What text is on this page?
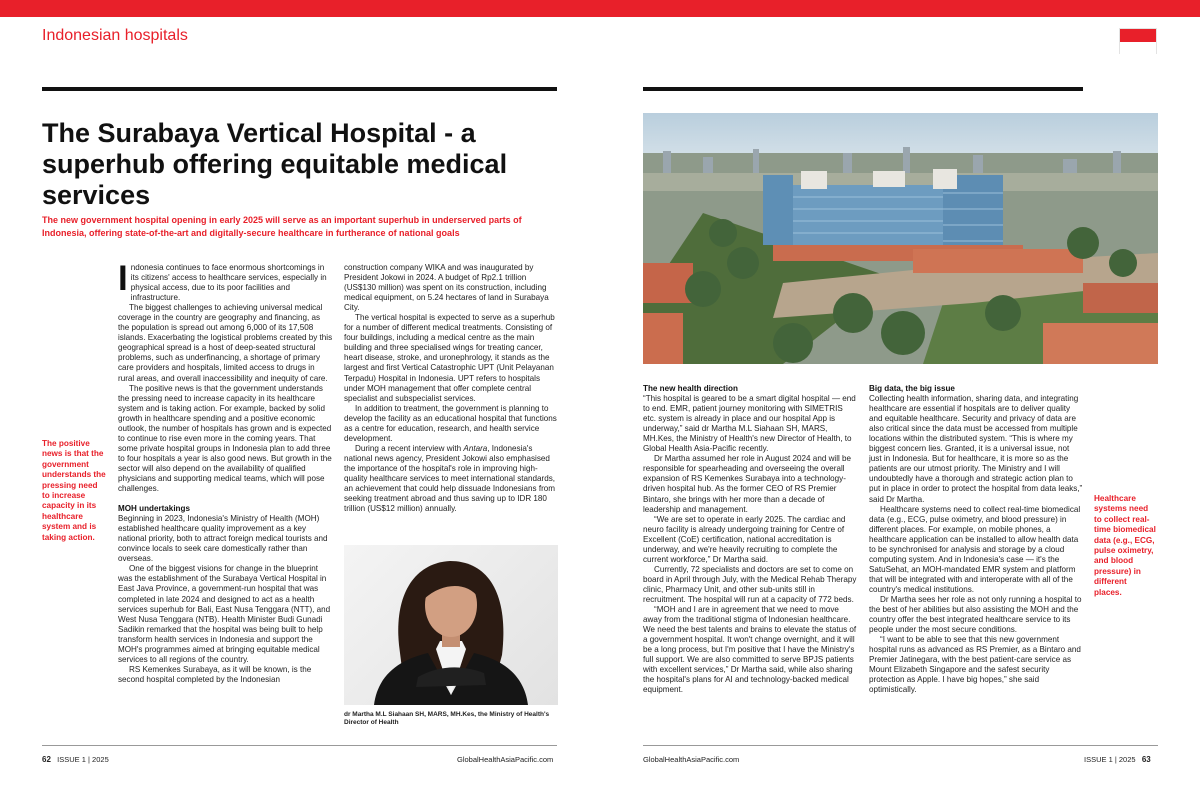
Indonesian hospitals
The Surabaya Vertical Hospital - a superhub offering equitable medical services
The new government hospital opening in early 2025 will serve as an important superhub in underserved parts of Indonesia, offering state-of-the-art and digitally-secure healthcare in furtherance of national goals
The positive news is that the government understands the pressing need to increase capacity in its healthcare system and is taking action.

Indonesia continues to face enormous shortcomings in its citizens' access to healthcare services, especially in physical access, due to its poor facilities and infrastructure.

The biggest challenges to achieving universal medical coverage in the country are geography and financing, as the population is spread out among 6,000 of its 17,508 islands. Exacerbating the logistical problems created by this geographical spread is a host of deep-seated structural problems, such as underfinancing, a shortage of primary care providers and hospitals, limited access to drugs in rural areas, and overall inaccessibility and inequity of care.

The positive news is that the government understands the pressing need to increase capacity in its healthcare system and is taking action. For example, backed by solid growth in healthcare spending and a positive economic outlook, the number of hospitals has grown and is expected to continue to rise even more in the coming years. That some private hospital groups in Indonesia plan to add three to four hospitals a year is also good news. But growth in the sector will also depend on the availability of qualified physicians and supporting medical teams, which will pose challenges.

MOH undertakings

Beginning in 2023, Indonesia's Ministry of Health (MOH) established healthcare quality improvement as a key national priority, both to attract foreign medical tourists and convince locals to seek care domestically rather than overseas.

One of the biggest visions for change in the blueprint was the establishment of the Surabaya Vertical Hospital in East Java Province, a government-run hospital that was completed in late 2024 and designed to act as a health services superhub for Bali, East Nusa Tenggara (NTT), and West Nusa Tenggara (NTB). Health Minister Budi Gunadi Sadikin remarked that the hospital was being built to help transform health services in Indonesia and support the MOH's programmes aimed at bringing equitable medical services to all regions of the country.

RS Kemenkes Surabaya, as it will be known, is the second hospital completed by the Indonesian

construction company WIKA and was inaugurated by President Jokowi in 2024. A budget of Rp2.1 trillion (US$130 million) was spent on its construction, including medical equipment, on 5.24 hectares of land in Surabaya City.

The vertical hospital is expected to serve as a superhub for a number of different medical treatments. Consisting of four buildings, including a medical centre as the main building and three specialised wings for treating cancer, heart disease, stroke, and uronephrology, it stands as the largest and first Vertical Catastrophic UPT (Unit Pelayanan Terpadu) Hospital in Indonesia. UPT refers to hospitals under MOH management that offer complete central specialist and subspecialist services.

In addition to treatment, the government is planning to develop the facility as an educational hospital that functions as a centre for education, research, and health service development.

During a recent interview with Antara, Indonesia's national news agency, President Jokowi also emphasised the importance of the hospital's role in improving high-quality healthcare services to meet international standards, an achievement that could help dissuade Indonesians from seeking treatment abroad and thus saving up to IDR 180 trillion (US$12 million) annually.

dr Martha M.L Siahaan SH, MARS, MH.Kes, the Ministry of Health's Director of Health
The new health direction

“This hospital is geared to be a smart digital hospital — end to end. EMR, patient journey monitoring with SIMETRIS etc. system is already in place and our hospital App is underway,” said dr Martha M.L Siahaan SH, MARS, MH.Kes, the Ministry of Health's new Director of Health, to Global Health Asia-Pacific recently.

Dr Martha assumed her role in August 2024 and will be responsible for spearheading and overseeing the overall expansion of RS Kemenkes Surabaya into a technology-driven hospital hub. As the former CEO of RS Premier Bintaro, she brings with her more than a decade of leadership and management.

“We are set to operate in early 2025. The cardiac and neuro facility is already undergoing training for Centre of Excellent (CoE) certification, national accreditation is underway, and we're heavily recruiting to complete the current workforce,” Dr Martha said.

Currently, 72 specialists and doctors are set to come on board in April through July, with the Medical Rehab Therapy clinic, Pharmacy Unit, and other sub-units still in recruitment. The hospital will run at a capacity of 772 beds.

“MOH and I are in agreement that we need to move away from the traditional stigma of Indonesian healthcare. We need the best talents and brains to elevate the status of a government hospital. It won't change overnight, and it will be a long process, but I'm positive that I have the Ministry's full support. We are also committed to serve BPJS patients with excellent services,” Dr Martha said, while also sharing the hospital's plans for AI and technology-backed medical equipment.

Big data, the big issue

Collecting health information, sharing data, and integrating healthcare are essential if hospitals are to deliver quality and equitable healthcare. Security and privacy of data are also critical since the data must be accessed from multiple locations within the distributed system. “This is where my biggest concern lies. Granted, it is a universal issue, not just in Indonesia. But for healthcare, it is more so as the patients are our utmost priority. The Ministry and I will undoubtedly have a thorough and strategic action plan to put in place in order to protect the hospital from data leaks,” said Dr Martha.

Healthcare systems need to collect real-time biomedical data (e.g., ECG, pulse oximetry, and blood pressure) in different places. For example, on mobile phones, a healthcare application can be installed to allow health data to be synchronised for analysis and storage by a cloud computing system. And in Indonesia's case — it's the SatuSehat, an MOH-mandated EMR system and platform that will be integrated with and interoperate with all of the country's medical institutions.

Dr Martha sees her role as not only running a hospital to the best of her abilities but also assisting the MOH and the country offer the best integrated healthcare service to its people under the most secure conditions.

“I want to be able to see that this new government hospital runs as advanced as RS Premier, as a Bintaro and Premier Jatinegara, with the best patient-care service as Mount Elizabeth Singapore and the safest security protection as Apple. I have big hopes,” she said optimistically.

Healthcare systems need to collect real-time biomedical data (e.g., ECG, pulse oximetry, and blood pressure) in different places.
62 ISSUE 1 | 2025	GlobalHealthAsiaPacific.com	GlobalHealthAsiaPacific.com	ISSUE 1 | 2025 63
